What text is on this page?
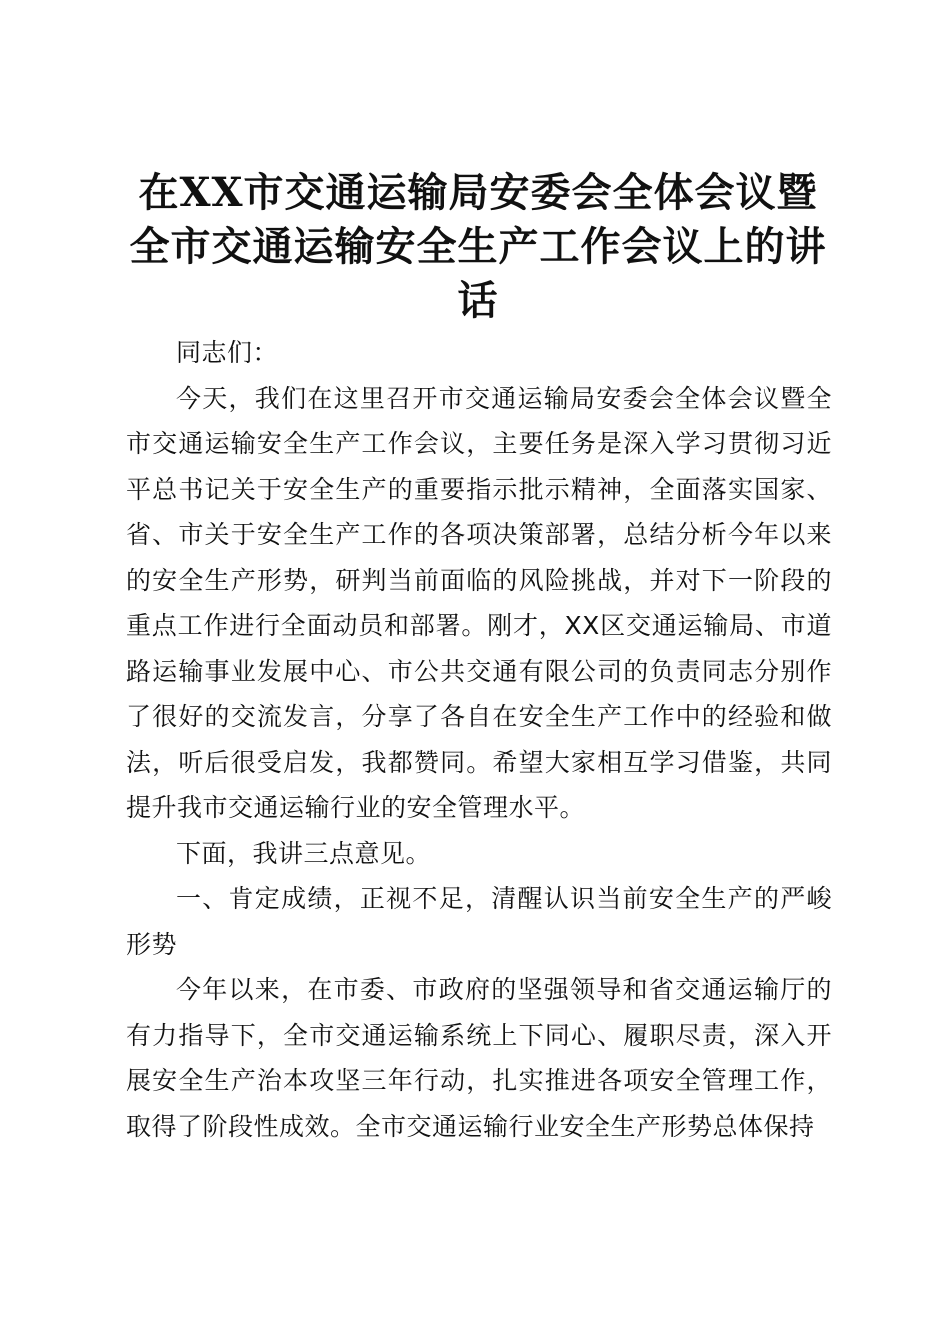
在XX市交通运输局安委会全体会议暨
全市交通运输安全生产工作会议上的讲
话

同志们：

今天，我们在这里召开市交通运输局安委会全体会议暨全市交通运输安全生产工作会议，主要任务是深入学习贯彻习近平总书记关于安全生产的重要指示批示精神，全面落实国家、省、市关于安全生产工作的各项决策部署，总结分析今年以来的安全生产形势，研判当前面临的风险挑战，并对下一阶段的重点工作进行全面动员和部署。刚才，XX区交通运输局、市道路运输事业发展中心、市公共交通有限公司的负责同志分别作了很好的交流发言，分享了各自在安全生产工作中的经验和做法，听后很受启发，我都赞同。希望大家相互学习借鉴，共同提升我市交通运输行业的安全管理水平。

下面，我讲三点意见。

一、肯定成绩，正视不足，清醒认识当前安全生产的严峻形势

今年以来，在市委、市政府的坚强领导和省交通运输厅的有力指导下，全市交通运输系统上下同心、履职尽责，深入开展安全生产治本攻坚三年行动，扎实推进各项安全管理工作，取得了阶段性成效。全市交通运输行业安全生产形势总体保持
